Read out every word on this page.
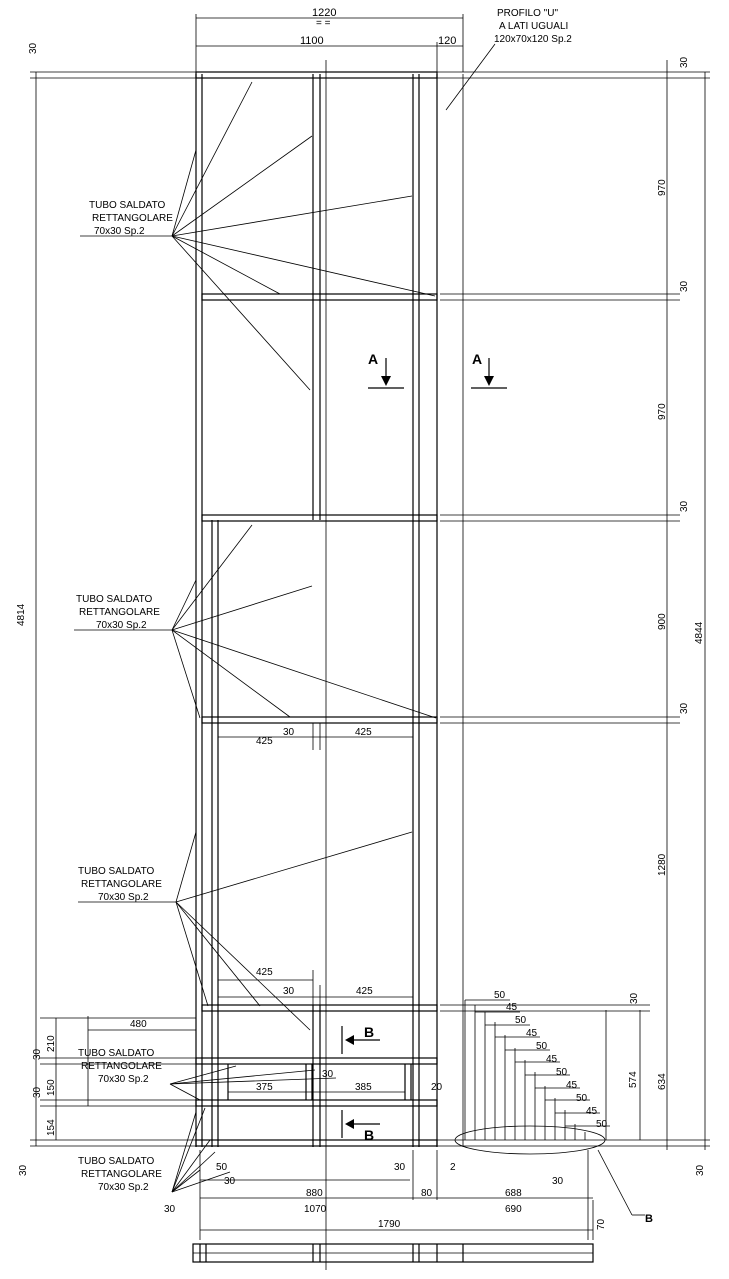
1220
1100	120
= =
PROFILO "U"
A LATI UGUALI
120x70x120 Sp.2
30
970
30
970
30
900
30
1280
30
634
574
30
4844
4814
30
30
480
210
30
150
30
154
425
30	425
425
30	425
375	385
30
20
50
45
50
45
50
45
50
45
50
45
50
50
30
30	2
30
880	80	688
30
1070	690
1790	70
A	A
B
B
B
TUBO SALDATO
RETTANGOLARE
70x30 Sp.2
TUBO SALDATO
RETTANGOLARE
70x30 Sp.2
TUBO SALDATO
RETTANGOLARE
70x30 Sp.2
TUBO SALDATO
RETTANGOLARE
70x30 Sp.2
TUBO SALDATO
RETTANGOLARE
70x30 Sp.2
